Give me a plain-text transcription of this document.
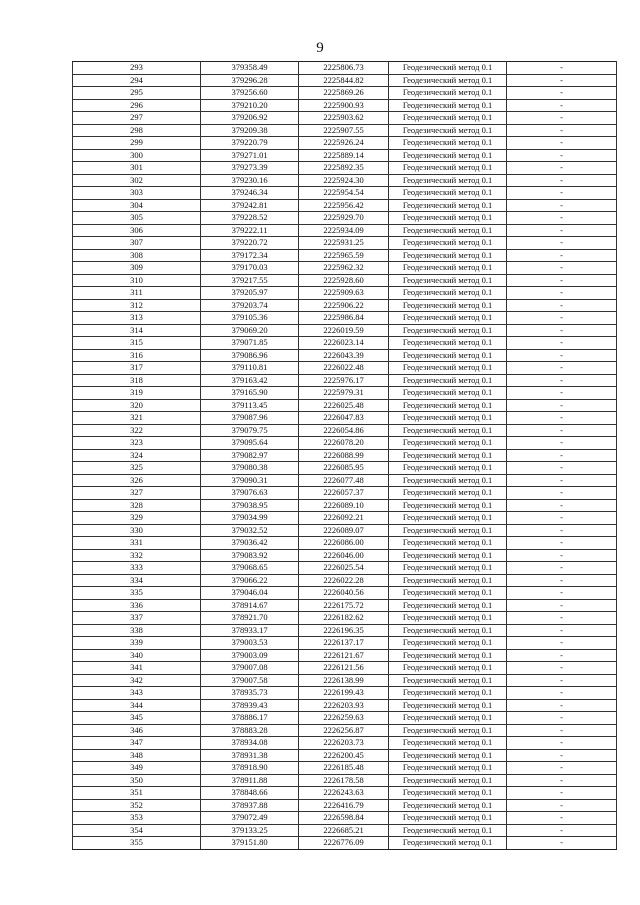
9
293	379358.49	2225806.73	Геодезический метод 0.1	-
294	379296.28	2225844.82	Геодезический метод 0.1	-
295	379256.60	2225869.26	Геодезический метод 0.1	-
296	379210.20	2225900.93	Геодезический метод 0.1	-
297	379206.92	2225903.62	Геодезический метод 0.1	-
298	379209.38	2225907.55	Геодезический метод 0.1	-
299	379220.79	2225926.24	Геодезический метод 0.1	-
300	379271.01	2225889.14	Геодезический метод 0.1	-
301	379273.39	2225892.35	Геодезический метод 0.1	-
302	379230.16	2225924.30	Геодезический метод 0.1	-
303	379246.34	2225954.54	Геодезический метод 0.1	-
304	379242.81	2225956.42	Геодезический метод 0.1	-
305	379228.52	2225929.70	Геодезический метод 0.1	-
306	379222.11	2225934.09	Геодезический метод 0.1	-
307	379220.72	2225931.25	Геодезический метод 0.1	-
308	379172.34	2225965.59	Геодезический метод 0.1	-
309	379170.03	2225962.32	Геодезический метод 0.1	-
310	379217.55	2225928.60	Геодезический метод 0.1	-
311	379205.97	2225909.63	Геодезический метод 0.1	-
312	379203.74	2225906.22	Геодезический метод 0.1	-
313	379105.36	2225986.84	Геодезический метод 0.1	-
314	379069.20	2226019.59	Геодезический метод 0.1	-
315	379071.85	2226023.14	Геодезический метод 0.1	-
316	379086.96	2226043.39	Геодезический метод 0.1	-
317	379110.81	2226022.48	Геодезический метод 0.1	-
318	379163.42	2225976.17	Геодезический метод 0.1	-
319	379165.90	2225979.31	Геодезический метод 0.1	-
320	379113.45	2226025.48	Геодезический метод 0.1	-
321	379087.96	2226047.83	Геодезический метод 0.1	-
322	379079.75	2226054.86	Геодезический метод 0.1	-
323	379095.64	2226078.20	Геодезический метод 0.1	-
324	379082.97	2226088.99	Геодезический метод 0.1	-
325	379080.38	2226085.95	Геодезический метод 0.1	-
326	379090.31	2226077.48	Геодезический метод 0.1	-
327	379076.63	2226057.37	Геодезический метод 0.1	-
328	379038.95	2226089.10	Геодезический метод 0.1	-
329	379034.99	2226092.21	Геодезический метод 0.1	-
330	379032.52	2226089.07	Геодезический метод 0.1	-
331	379036.42	2226086.00	Геодезический метод 0.1	-
332	379083.92	2226046.00	Геодезический метод 0.1	-
333	379068.65	2226025.54	Геодезический метод 0.1	-
334	379066.22	2226022.28	Геодезический метод 0.1	-
335	379046.04	2226040.56	Геодезический метод 0.1	-
336	378914.67	2226175.72	Геодезический метод 0.1	-
337	378921.70	2226182.62	Геодезический метод 0.1	-
338	378933.17	2226196.35	Геодезический метод 0.1	-
339	379003.53	2226137.17	Геодезический метод 0.1	-
340	379003.09	2226121.67	Геодезический метод 0.1	-
341	379007.08	2226121.56	Геодезический метод 0.1	-
342	379007.58	2226138.99	Геодезический метод 0.1	-
343	378935.73	2226199.43	Геодезический метод 0.1	-
344	378939.43	2226203.93	Геодезический метод 0.1	-
345	378886.17	2226259.63	Геодезический метод 0.1	-
346	378883.28	2226256.87	Геодезический метод 0.1	-
347	378934.08	2226203.73	Геодезический метод 0.1	-
348	378931.38	2226200.45	Геодезический метод 0.1	-
349	378918.90	2226185.48	Геодезический метод 0.1	-
350	378911.88	2226178.58	Геодезический метод 0.1	-
351	378848.66	2226243.63	Геодезический метод 0.1	-
352	378937.88	2226416.79	Геодезический метод 0.1	-
353	379072.49	2226598.84	Геодезический метод 0.1	-
354	379133.25	2226685.21	Геодезический метод 0.1	-
355	379151.80	2226776.09	Геодезический метод 0.1	-
